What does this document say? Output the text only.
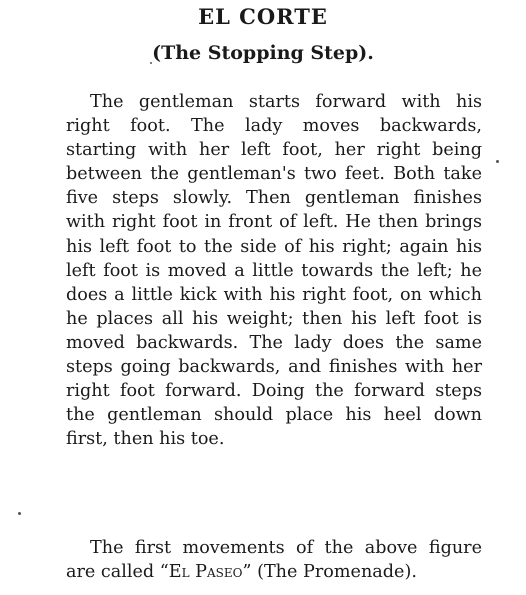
EL CORTE
(The Stopping Step).

The gentleman starts forward with his right foot. The lady moves backwards, starting with her left foot, her right being between the gentleman's two feet. Both take five steps slowly. Then gentleman finishes with right foot in front of left. He then brings his left foot to the side of his right; again his left foot is moved a little towards the left; he does a little kick with his right foot, on which he places all his weight; then his left foot is moved backwards. The lady does the same steps going backwards, and finishes with her right foot forward. Doing the forward steps the gentleman should place his heel down first, then his toe.

The first movements of the above figure are called “El Paseo” (The Promenade).
